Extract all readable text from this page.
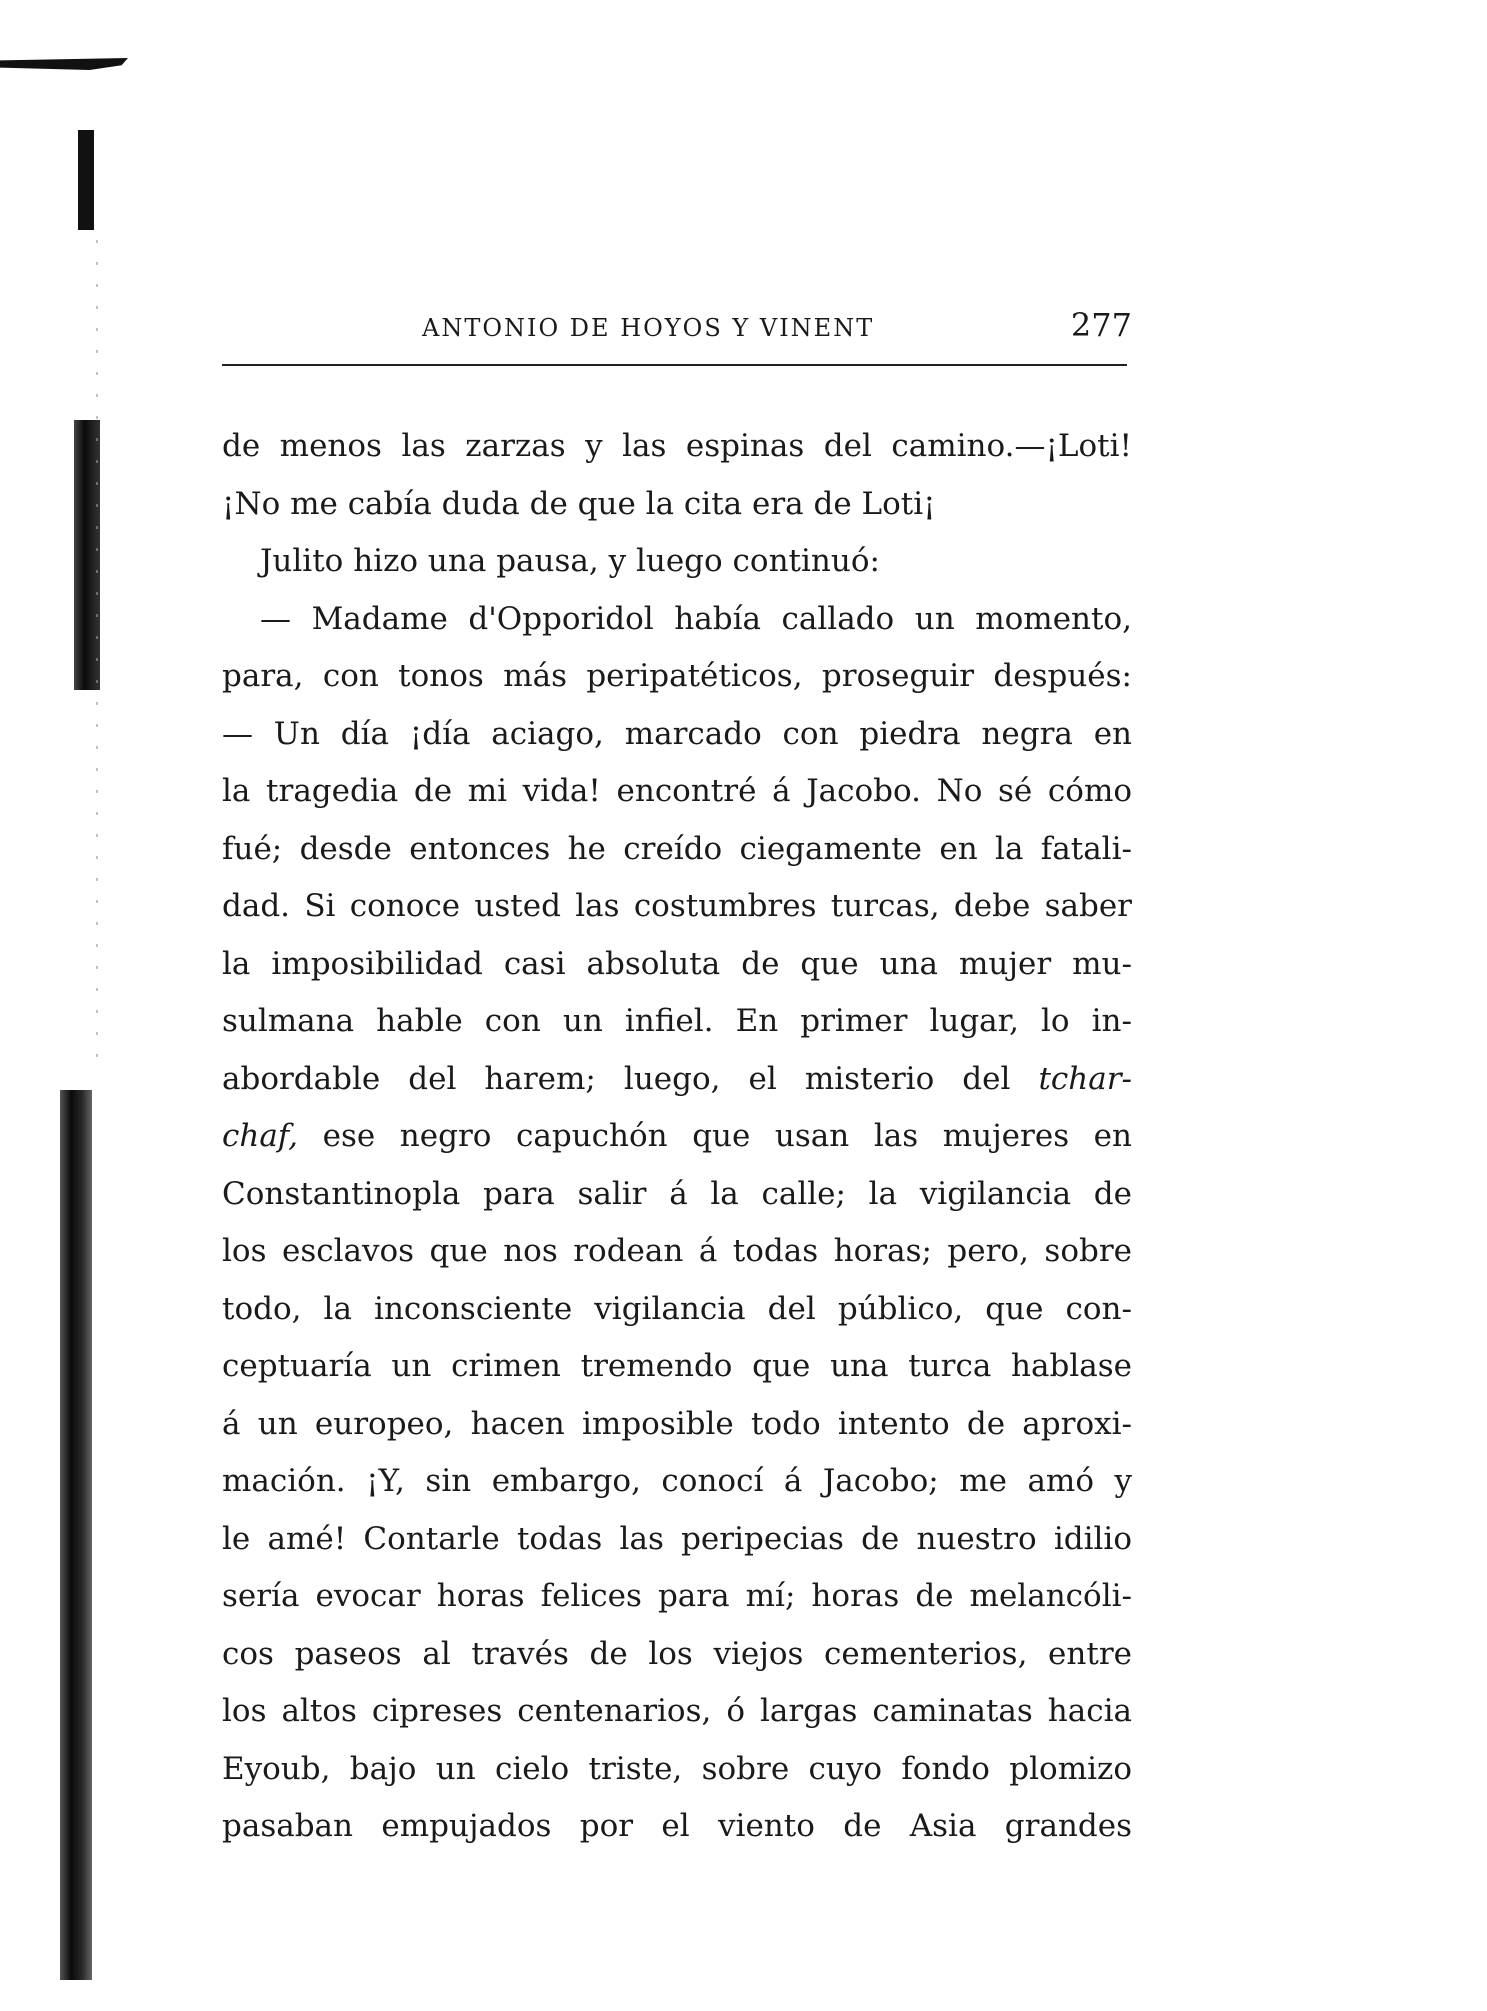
ANTONIO DE HOYOS Y VINENT	277
de menos las zarzas y las espinas del camino.—¡Loti!
¡No me cabía duda de que la cita era de Loti¡
Julito hizo una pausa, y luego continuó:
— Madame d'Opporidol había callado un momento,
para, con tonos más peripatéticos, proseguir después:
— Un día ¡día aciago, marcado con piedra negra en
la tragedia de mi vida! encontré á Jacobo. No sé cómo
fué; desde entonces he creído ciegamente en la fatali-
dad. Si conoce usted las costumbres turcas, debe saber
la imposibilidad casi absoluta de que una mujer mu-
sulmana hable con un infiel. En primer lugar, lo in-
abordable del harem; luego, el misterio del tchar-
chaf, ese negro capuchón que usan las mujeres en
Constantinopla para salir á la calle; la vigilancia de
los esclavos que nos rodean á todas horas; pero, sobre
todo, la inconsciente vigilancia del público, que con-
ceptuaría un crimen tremendo que una turca hablase
á un europeo, hacen imposible todo intento de aproxi-
mación. ¡Y, sin embargo, conocí á Jacobo; me amó y
le amé! Contarle todas las peripecias de nuestro idilio
sería evocar horas felices para mí; horas de melancóli-
cos paseos al través de los viejos cementerios, entre
los altos cipreses centenarios, ó largas caminatas hacia
Eyoub, bajo un cielo triste, sobre cuyo fondo plomizo
pasaban empujados por el viento de Asia grandes
